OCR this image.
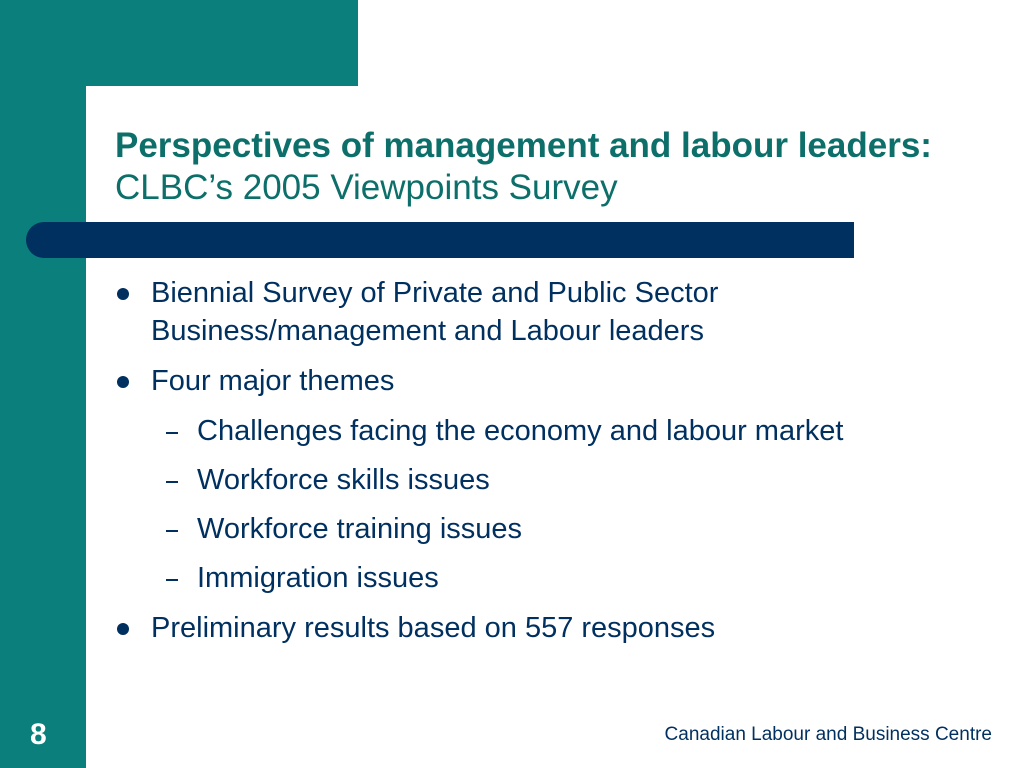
Perspectives of management and labour leaders: CLBC’s 2005 Viewpoints Survey
Biennial Survey of Private and Public Sector
Business/management and Labour leaders
Four major themes
Challenges facing the economy and labour market
Workforce skills issues
Workforce training issues
Immigration issues
Preliminary results based on 557 responses
8	Canadian Labour and Business Centre
